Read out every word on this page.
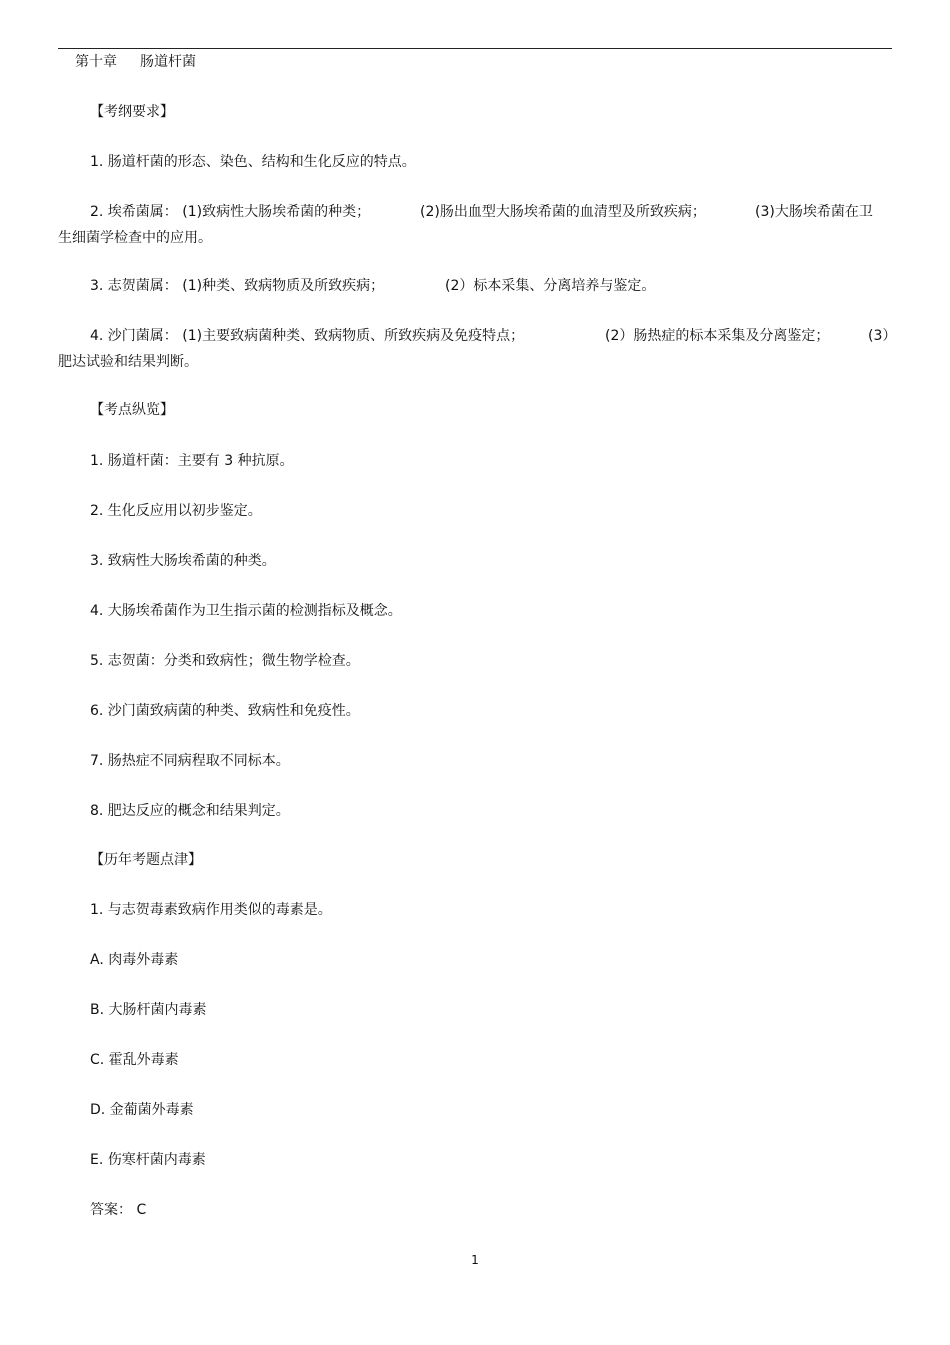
第十章 肠道杆菌
【考纲要求】
1. 肠道杆菌的形态、染色、结构和生化反应的特点。
2. 埃希菌属： (1)致病性大肠埃希菌的种类；	(2)肠出血型大肠埃希菌的血清型及所致疾病；	(3)大肠埃希菌在卫
生细菌学检查中的应用。
3. 志贺菌属： (1)种类、致病物质及所致疾病；	(2）标本采集、分离培养与鉴定。
4. 沙门菌属： (1)主要致病菌种类、致病物质、所致疾病及免疫特点；	(2）肠热症的标本采集及分离鉴定；	(3）
肥达试验和结果判断。
【考点纵览】
1. 肠道杆菌：主要有 3 种抗原。
2. 生化反应用以初步鉴定。
3. 致病性大肠埃希菌的种类。
4. 大肠埃希菌作为卫生指示菌的检测指标及概念。
5. 志贺菌：分类和致病性；微生物学检查。
6. 沙门菌致病菌的种类、致病性和免疫性。
7. 肠热症不同病程取不同标本。
8. 肥达反应的概念和结果判定。
【历年考题点津】
1. 与志贺毒素致病作用类似的毒素是。
A. 肉毒外毒素
B. 大肠杆菌内毒素
C. 霍乱外毒素
D. 金葡菌外毒素
E. 伤寒杆菌内毒素
答案： C
1
